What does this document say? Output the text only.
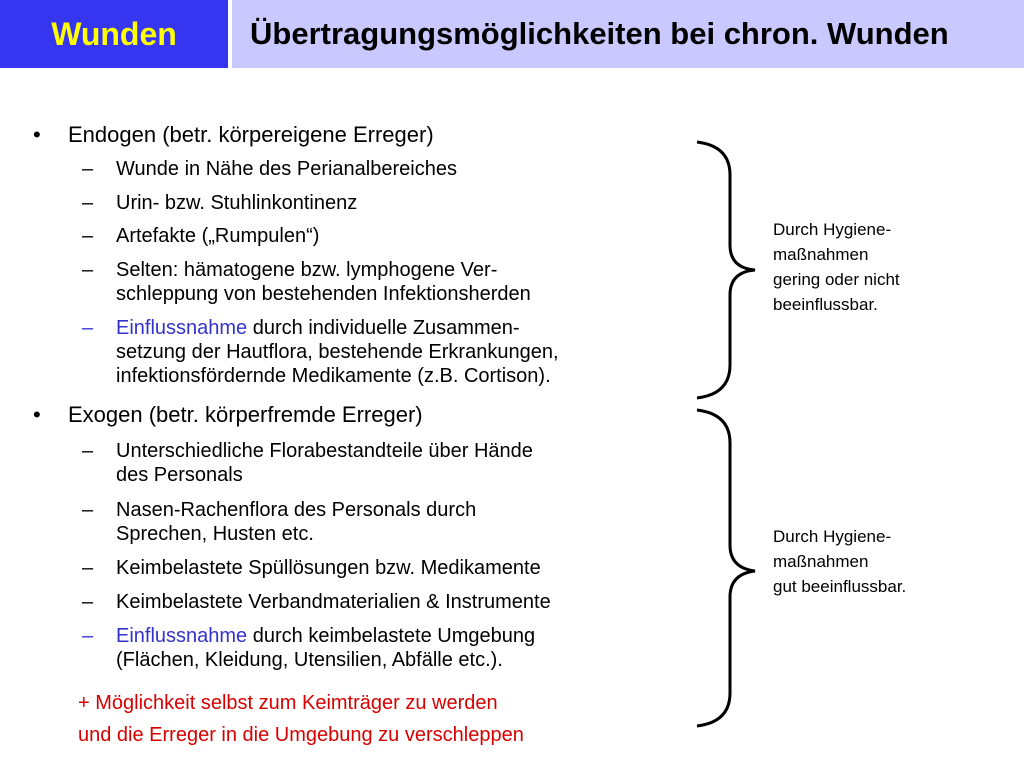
Wunden Übertragungsmöglichkeiten bei chron. Wunden
• Endogen (betr. körpereigene Erreger)
– Wunde in Nähe des Perianalbereiches
– Urin- bzw. Stuhlinkontinenz
– Artefakte („Rumpulen“)
– Selten: hämatogene bzw. lymphogene Ver-
schleppung von bestehenden Infektionsherden
– Einflussnahme durch individuelle Zusammen-
setzung der Hautflora, bestehende Erkrankungen,
infektionsfördernde Medikamente (z.B. Cortison).
• Exogen (betr. körperfremde Erreger)
– Unterschiedliche Florabestandteile über Hände
des Personals
– Nasen-Rachenflora des Personals durch
Sprechen, Husten etc.
– Keimbelastete Spüllösungen bzw. Medikamente
– Keimbelastete Verbandmaterialien & Instrumente
– Einflussnahme durch keimbelastete Umgebung
(Flächen, Kleidung, Utensilien, Abfälle etc.).
+ Möglichkeit selbst zum Keimträger zu werden
und die Erreger in die Umgebung zu verschleppen
Durch Hygiene-
maßnahmen
gering oder nicht
beeinflussbar.
Durch Hygiene-
maßnahmen
gut beeinflussbar.
